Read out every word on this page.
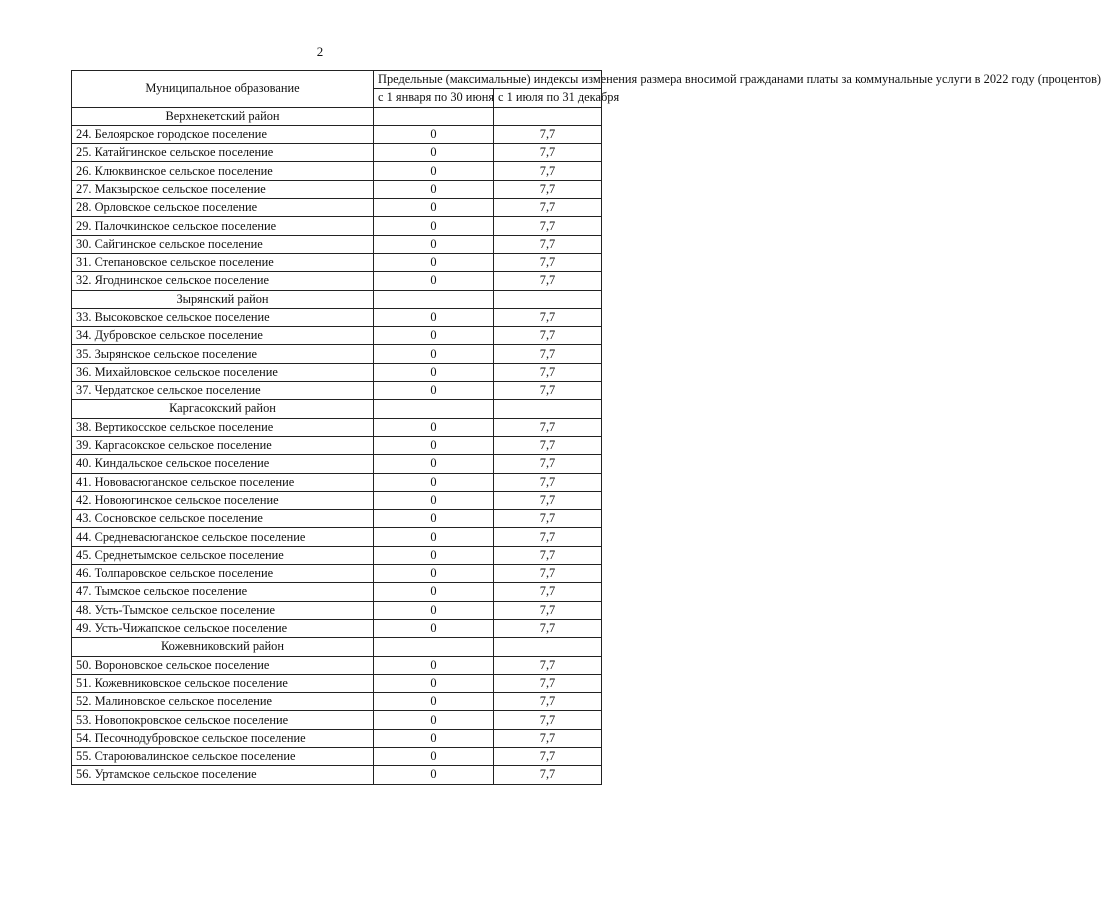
2
Муниципальное образование	Предельные (максимальные) индексы изменения размера вносимой гражданами платы за коммунальные услуги в 2022 году (процентов)	
	с 1 января по 30 июня	с 1 июля по 31 декабря
Верхнекетский район		
24. Белоярское городское поселение	0	7,7
25. Катайгинское сельское поселение	0	7,7
26. Клюквинское сельское поселение	0	7,7
27. Макзырское сельское поселение	0	7,7
28. Орловское сельское поселение	0	7,7
29. Палочкинское сельское поселение	0	7,7
30. Сайгинское сельское поселение	0	7,7
31. Степановское сельское поселение	0	7,7
32. Ягоднинское сельское поселение	0	7,7
Зырянский район		
33. Высоковское сельское поселение	0	7,7
34. Дубровское сельское поселение	0	7,7
35. Зырянское сельское поселение	0	7,7
36. Михайловское сельское поселение	0	7,7
37. Чердатское сельское поселение	0	7,7
Каргасокский район		
38. Вертикосское сельское поселение	0	7,7
39. Каргасокское сельское поселение	0	7,7
40. Киндальское сельское поселение	0	7,7
41. Нововасюганское сельское поселение	0	7,7
42. Новоюгинское сельское поселение	0	7,7
43. Сосновское сельское поселение	0	7,7
44. Средневасюганское сельское поселение	0	7,7
45. Среднетымское сельское поселение	0	7,7
46. Толпаровское сельское поселение	0	7,7
47. Тымское сельское поселение	0	7,7
48. Усть-Тымское сельское поселение	0	7,7
49. Усть-Чижапское сельское поселение	0	7,7
Кожевниковский район		
50. Вороновское сельское поселение	0	7,7
51. Кожевниковское сельское поселение	0	7,7
52. Малиновское сельское поселение	0	7,7
53. Новопокровское сельское поселение	0	7,7
54. Песочнодубровское сельское поселение	0	7,7
55. Староювалинское сельское поселение	0	7,7
56. Уртамское сельское поселение	0	7,7
